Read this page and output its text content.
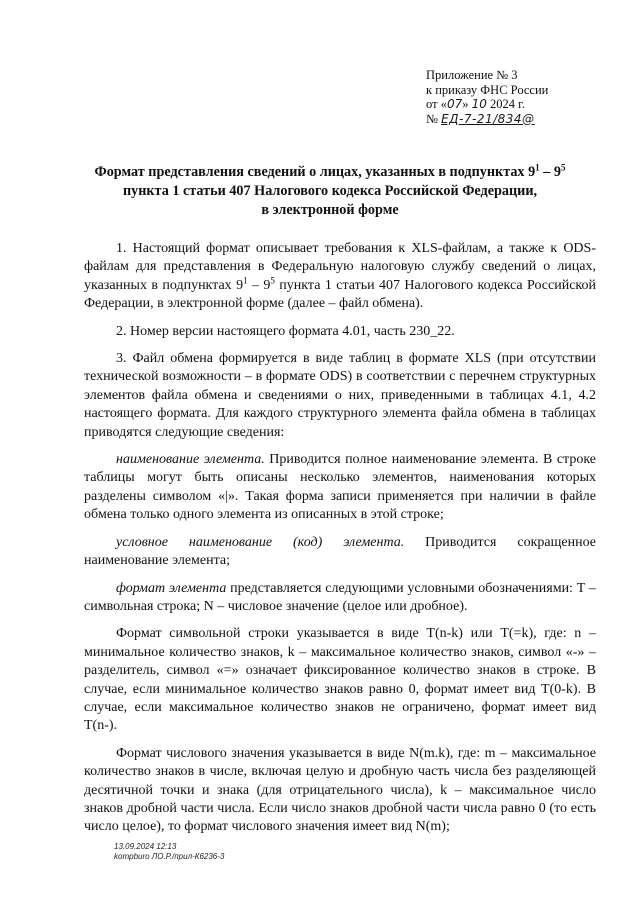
Приложение № 3
к приказу ФНС России
от «07» 10 2024 г.
№ ЕД-7-21/834@
Формат представления сведений о лицах, указанных в подпунктах $9^1 - 9^5$
пункта 1 статьи 407 Налогового кодекса Российской Федерации,
в электронной форме

1. Настоящий формат описывает требования к XLS-файлам, а также к ODS-файлам для представления в Федеральную налоговую службу сведений о лицах, указанных в подпунктах $9^1 - 9^5$ пункта 1 статьи 407 Налогового кодекса Российской Федерации, в электронной форме (далее – файл обмена).

2. Номер версии настоящего формата 4.01, часть 230_22.

3. Файл обмена формируется в виде таблиц в формате XLS (при отсутствии технической возможности – в формате ODS) в соответствии с перечнем структурных элементов файла обмена и сведениями о них, приведенными в таблицах 4.1, 4.2 настоящего формата. Для каждого структурного элемента файла обмена в таблицах приводятся следующие сведения:

наименование элемента. Приводится полное наименование элемента. В строке таблицы могут быть описаны несколько элементов, наименования которых разделены символом «|». Такая форма записи применяется при наличии в файле обмена только одного элемента из описанных в этой строке;

условное наименование (код) элемента. Приводится сокращенное наименование элемента;

формат элемента представляется следующими условными обозначениями: Т – символьная строка; N – числовое значение (целое или дробное).

Формат символьной строки указывается в виде Т(n-k) или T(=k), где: n – минимальное количество знаков, k – максимальное количество знаков, символ «-» – разделитель, символ «=» означает фиксированное количество знаков в строке. В случае, если минимальное количество знаков равно 0, формат имеет вид Т(0-k). В случае, если максимальное количество знаков не ограничено, формат имеет вид Т(n-).

Формат числового значения указывается в виде N(m.k), где: m – максимальное количество знаков в числе, включая целую и дробную часть числа без разделяющей десятичной точки и знака (для отрицательного числа), k – максимальное число знаков дробной части числа. Если число знаков дробной части числа равно 0 (то есть число целое), то формат числового значения имеет вид N(m);

13.09.2024 12:13
kompburo ЛО.Р./прил-К6236-3
